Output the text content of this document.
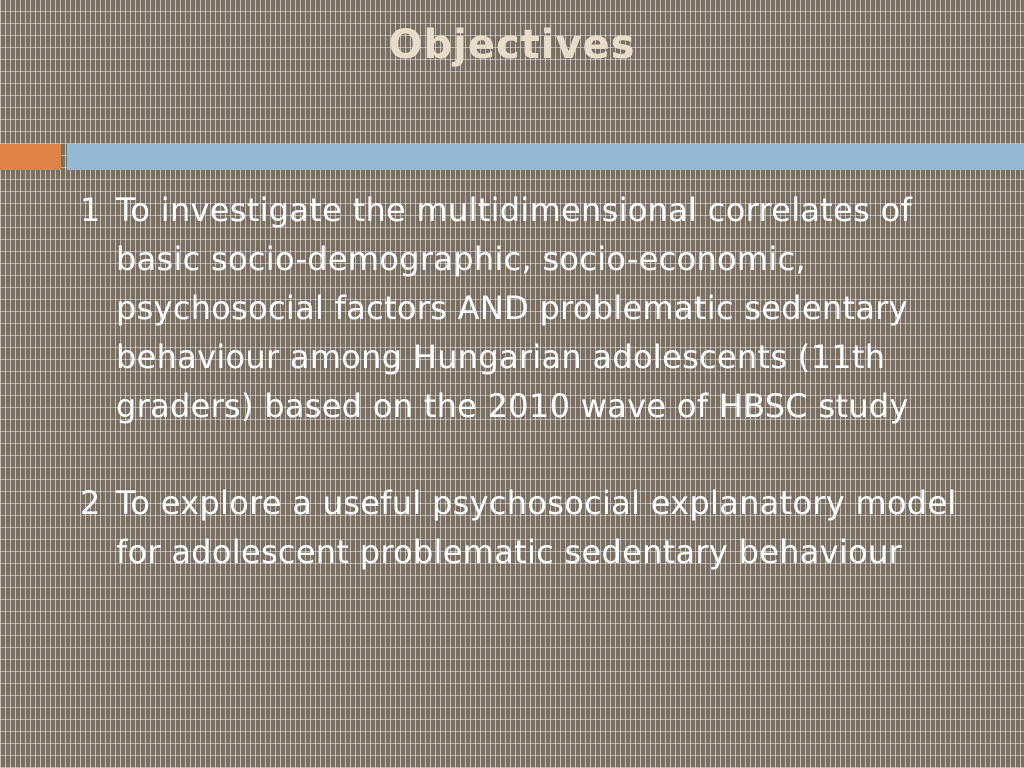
Objectives
1 To investigate the multidimensional correlates of basic socio-demographic, socio-economic, psychosocial factors AND problematic sedentary behaviour among Hungarian adolescents (11th graders) based on the 2010 wave of HBSC study
2 To explore a useful psychosocial explanatory model for adolescent problematic sedentary behaviour
